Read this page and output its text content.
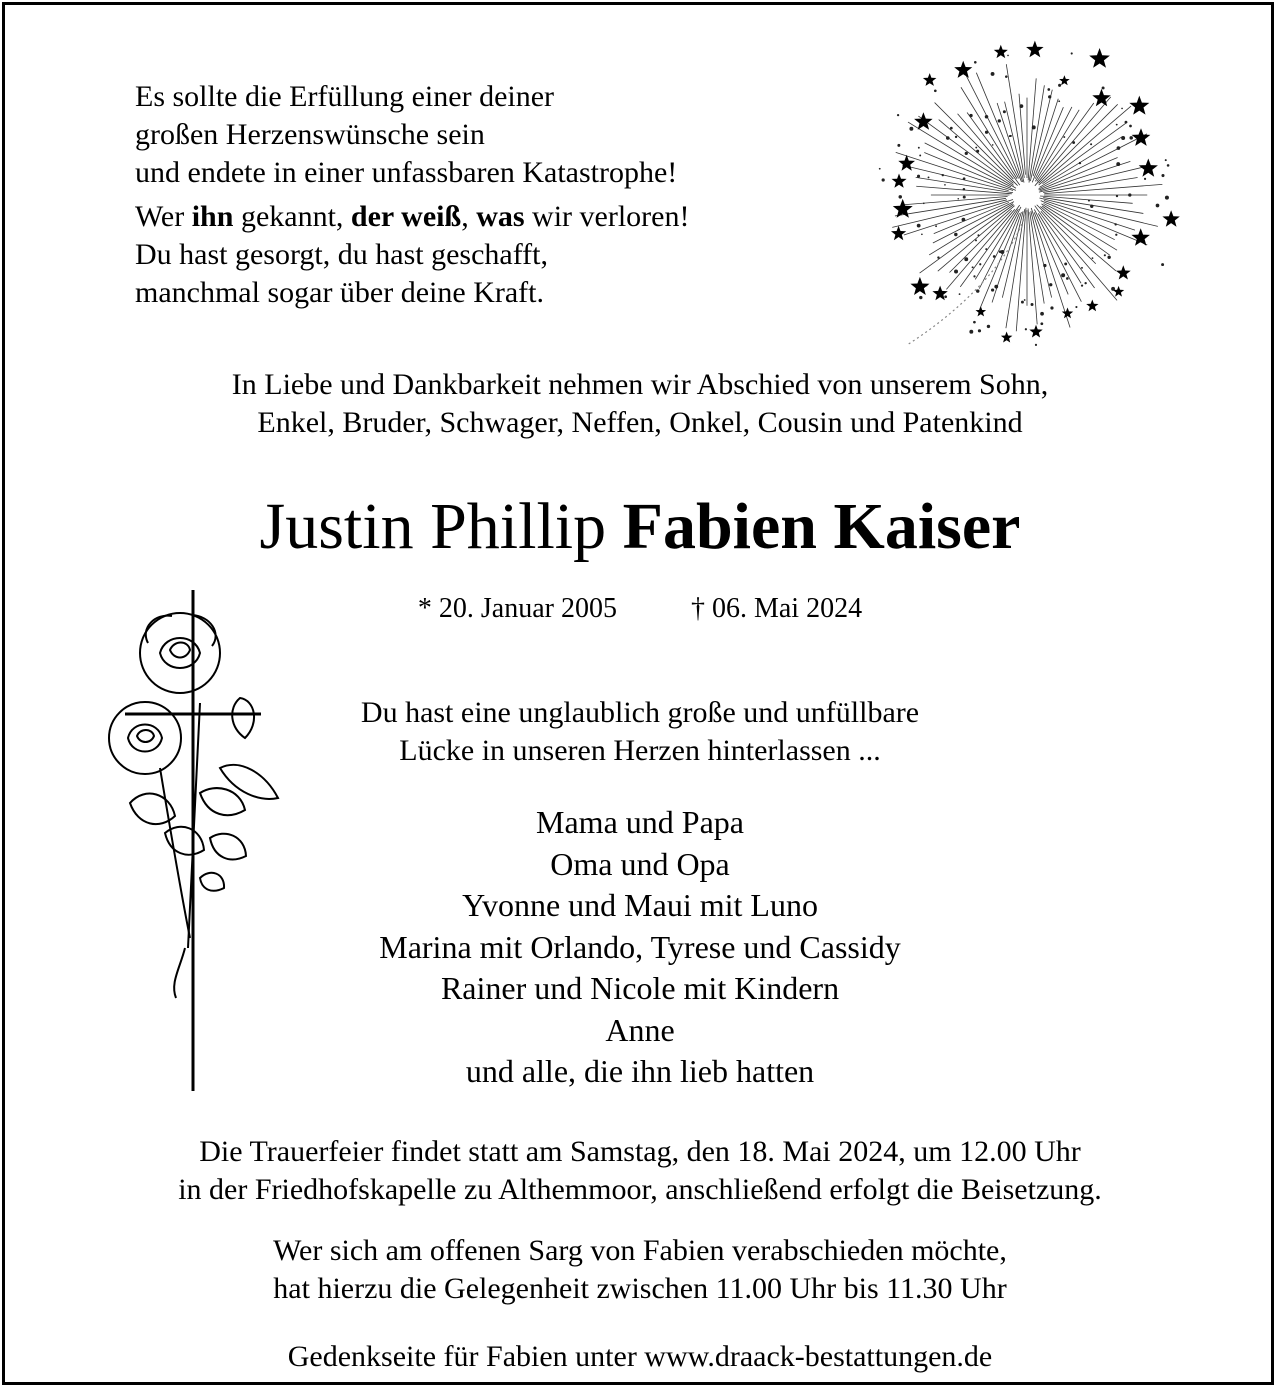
Es sollte die Erfüllung einer deiner
großen Herzenswünsche sein
und endete in einer unfassbaren Katastrophe!
Wer ihn gekannt, der weiß, was wir verloren!
Du hast gesorgt, du hast geschafft,
manchmal sogar über deine Kraft.
In Liebe und Dankbarkeit nehmen wir Abschied von unserem Sohn,
Enkel, Bruder, Schwager, Neffen, Onkel, Cousin und Patenkind
Justin Phillip Fabien Kaiser
* 20. Januar 2005	† 06. Mai 2024
Du hast eine unglaublich große und unfüllbare
Lücke in unseren Herzen hinterlassen ...
Mama und Papa
Oma und Opa
Yvonne und Maui mit Luno
Marina mit Orlando, Tyrese und Cassidy
Rainer und Nicole mit Kindern
Anne
und alle, die ihn lieb hatten
Die Trauerfeier findet statt am Samstag, den 18. Mai 2024, um 12.00 Uhr
in der Friedhofskapelle zu Althemmoor, anschließend erfolgt die Beisetzung.
Wer sich am offenen Sarg von Fabien verabschieden möchte,
hat hierzu die Gelegenheit zwischen 11.00 Uhr bis 11.30 Uhr
Gedenkseite für Fabien unter www.draack-bestattungen.de
